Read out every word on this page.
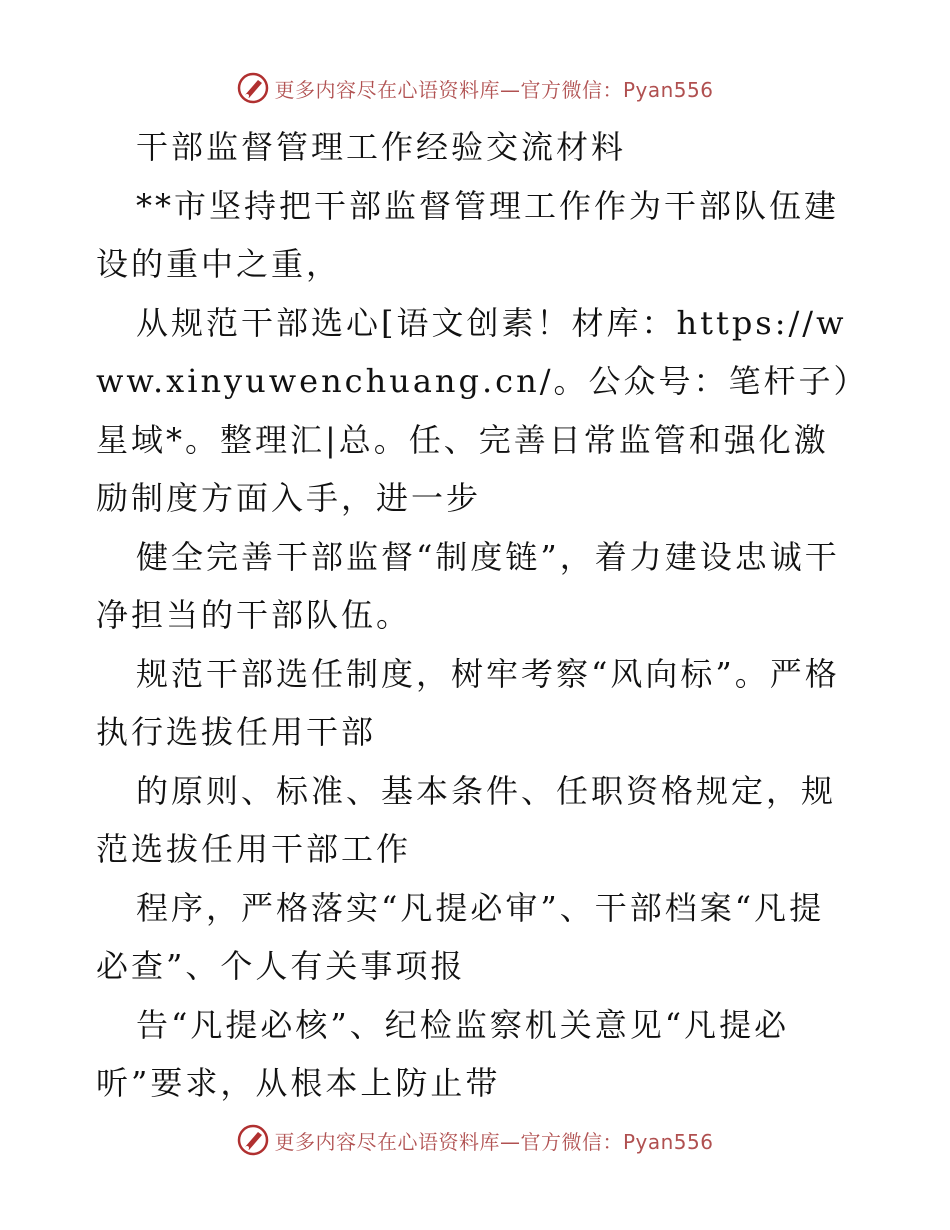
更多内容尽在心语资料库—官方微信：Pyan556

干部监督管理工作经验交流材料

**市坚持把干部监督管理工作作为干部队伍建设的重中之重，

从规范干部选心[语文创素！材库：https://www.xinyuwenchuang.cn/。公众号：笔杆子）星域*。整理汇|总。任、完善日常监管和强化激励制度方面入手，进一步

健全完善干部监督“制度链”，着力建设忠诚干净担当的干部队伍。

规范干部选任制度，树牢考察“风向标”。严格执行选拔任用干部

的原则、标准、基本条件、任职资格规定，规范选拔任用干部工作

程序，严格落实“凡提必审”、干部档案“凡提必查”、个人有关事项报

告“凡提必核”、纪检监察机关意见“凡提必听”要求，从根本上防止带

更多内容尽在心语资料库—官方微信：Pyan556
